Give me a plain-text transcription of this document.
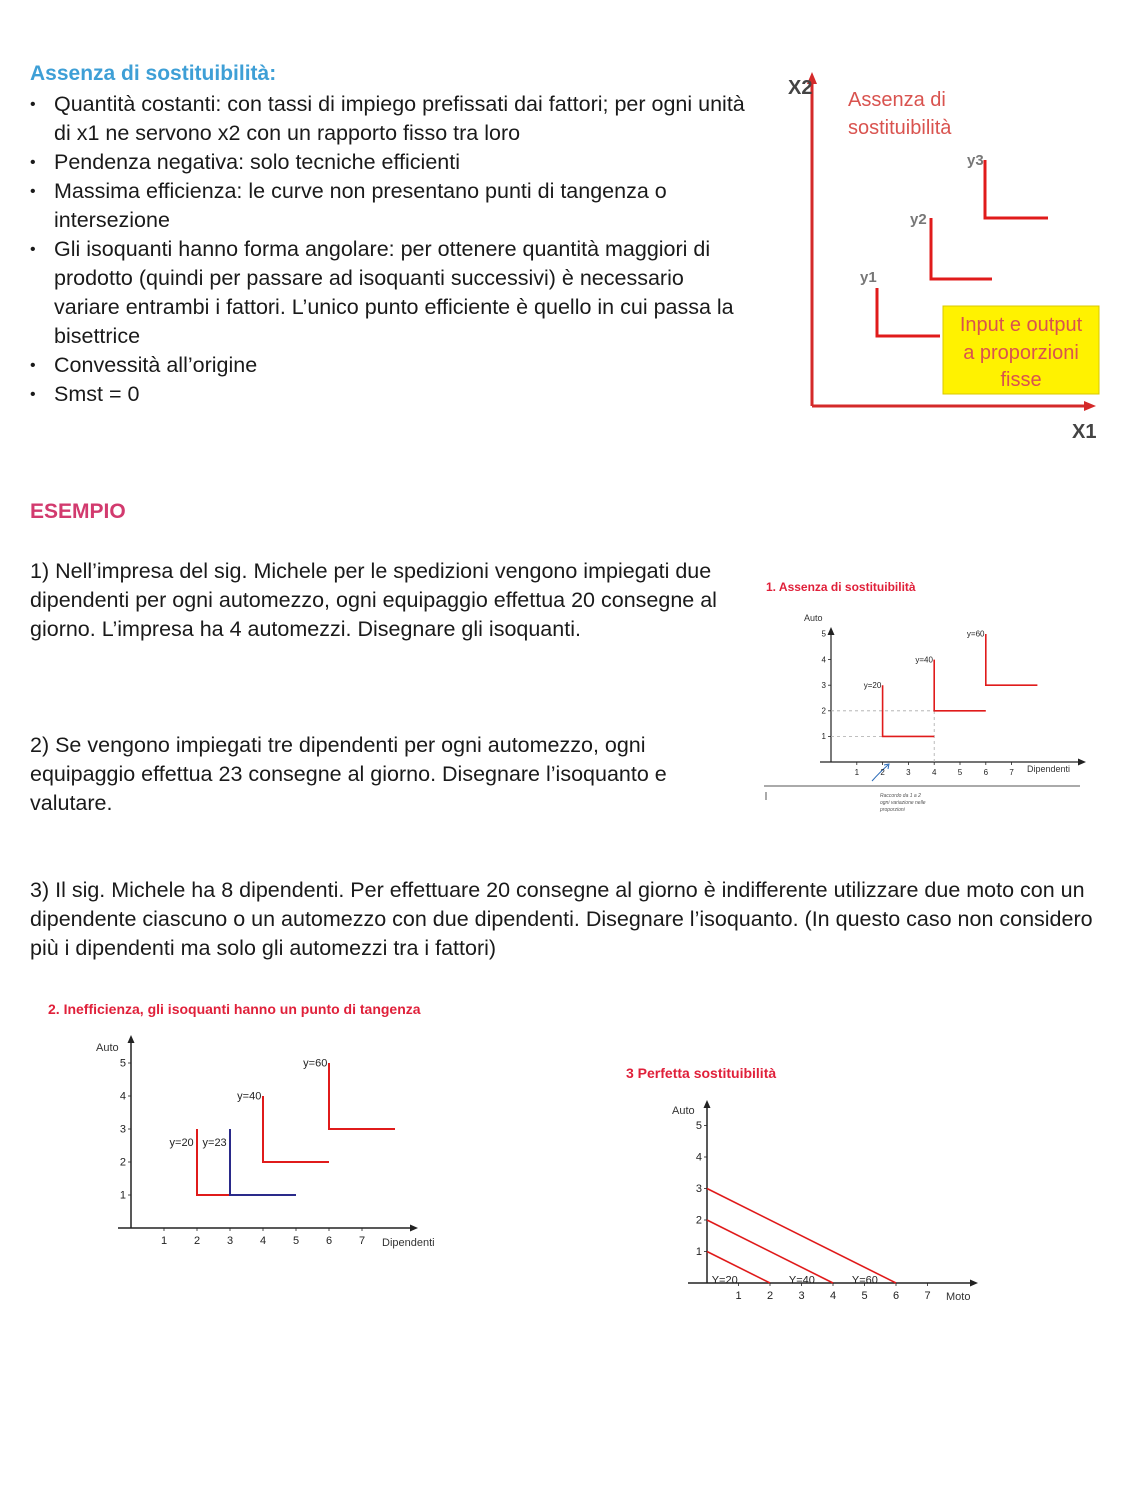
Assenza di sostituibilità:
• Quantità costanti: con tassi di impiego prefissati dai fattori; per ogni unità di x1 ne servono x2 con un rapporto fisso tra loro
• Pendenza negativa: solo tecniche efficienti
• Massima efficienza: le curve non presentano punti di tangenza o intersezione
• Gli isoquanti hanno forma angolare: per ottenere quantità maggiori di prodotto (quindi per passare ad isoquanti successivi) è necessario variare entrambi i fattori. L’unico punto efficiente è quello in cui passa la bisettrice
• Convessità all’origine
• Smst = 0
X2
X1
Assenza di
sostituibilità
y1
y2
y3
Input e output
a proporzioni
fisse
ESEMPIO

1) Nell’impresa del sig. Michele per le spedizioni vengono impiegati due dipendenti per ogni automezzo, ogni equipaggio effettua 20 consegne al giorno. L’impresa ha 4 automezzi. Disegnare gli isoquanti.

2) Se vengono impiegati tre dipendenti per ogni automezzo, ogni equipaggio effettua 23 consegne al giorno. Disegnare l’isoquanto e valutare.

3) Il sig. Michele ha 8 dipendenti. Per effettuare 20 consegne al giorno è indifferente utilizzare due moto con un dipendente ciascuno o un automezzo con due dipendenti. Disegnare l’isoquanto. (In questo caso non considero più i dipendenti ma solo gli automezzi tra i fattori)

1. Assenza di sostituibilità
Auto
Dipendenti
Raccordo da 1 a 2
ogni variazione nelle
proporzioni
1	2	3	4	5	6	7
1
2
3
4
5
y=20
y=40
y=60
2. Inefficienza, gli isoquanti hanno un punto di tangenza
Auto
Dipendenti
1 2 3 4 5 6 7
1
2
3
4
5
y=20 y=23
y=40
y=60
3 Perfetta sostituibilità
Auto
Moto
1 2 3 4 5 6 7
1
2
3
4
5
Y=20	Y=40	Y=60
